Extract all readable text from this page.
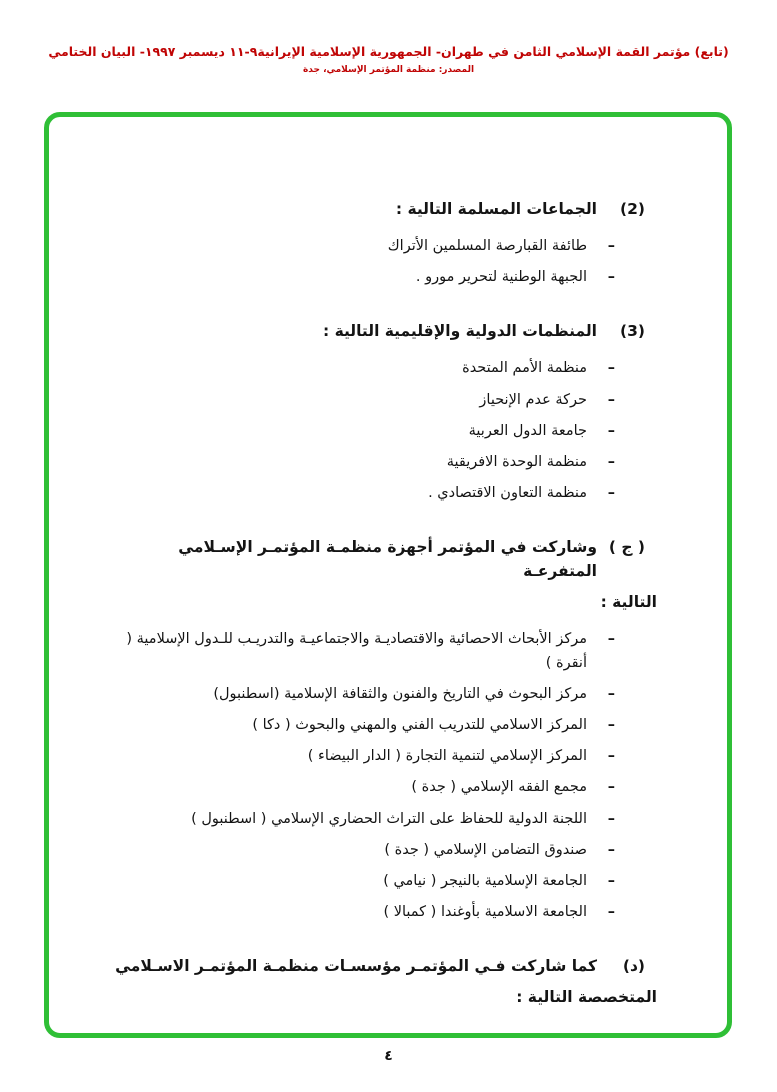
(تابع) مؤتمر القمة الإسلامي الثامن في طهران- الجمهورية الإسلامية الإيرانية٩-١١ ديسمبر ١٩٩٧- البيان الختامي
المصدر: منظمة المؤتمر الإسلامي، جدة
(2)
الجماعات المسلمة التالية :
–
طائفة القبارصة المسلمين الأتراك
–
الجبهة الوطنية لتحرير مورو .
(3)
المنظمات الدولية والإقليمية التالية :
–
منظمة الأمم المتحدة
–
حركة عدم الإنحياز
–
جامعة الدول العربية
–
منظمة الوحدة الافريقية
–
منظمة التعاون الاقتصادي .
( ج )
وشاركت في المؤتمر أجهزة منظمـة المؤتمـر الإسـلامي المتفرعـة
التالية :
–
مركز الأبحاث الاحصائية والاقتصاديـة والاجتماعيـة والتدريـب للـدول الإسلامية ( أنقرة )
–
مركز البحوث في التاريخ والفنون والثقافة الإسلامية (اسطنبول)
–
المركز الاسلامي للتدريب الفني والمهني والبحوث ( دكا )
–
المركز الإسلامي لتنمية التجارة ( الدار البيضاء )
–
مجمع الفقه الإسلامي ( جدة )
–
اللجنة الدولية للحفاظ على التراث الحضاري الإسلامي ( اسطنبول )
–
صندوق التضامن الإسلامي ( جدة )
–
الجامعة الإسلامية بالنيجر ( نيامي )
–
الجامعة الاسلامية بأوغندا ( كمبالا )
(د)
كما شاركت فـي المؤتمـر مؤسسـات منظمـة المؤتمـر الاسـلامي
المتخصصة التالية :
٤
